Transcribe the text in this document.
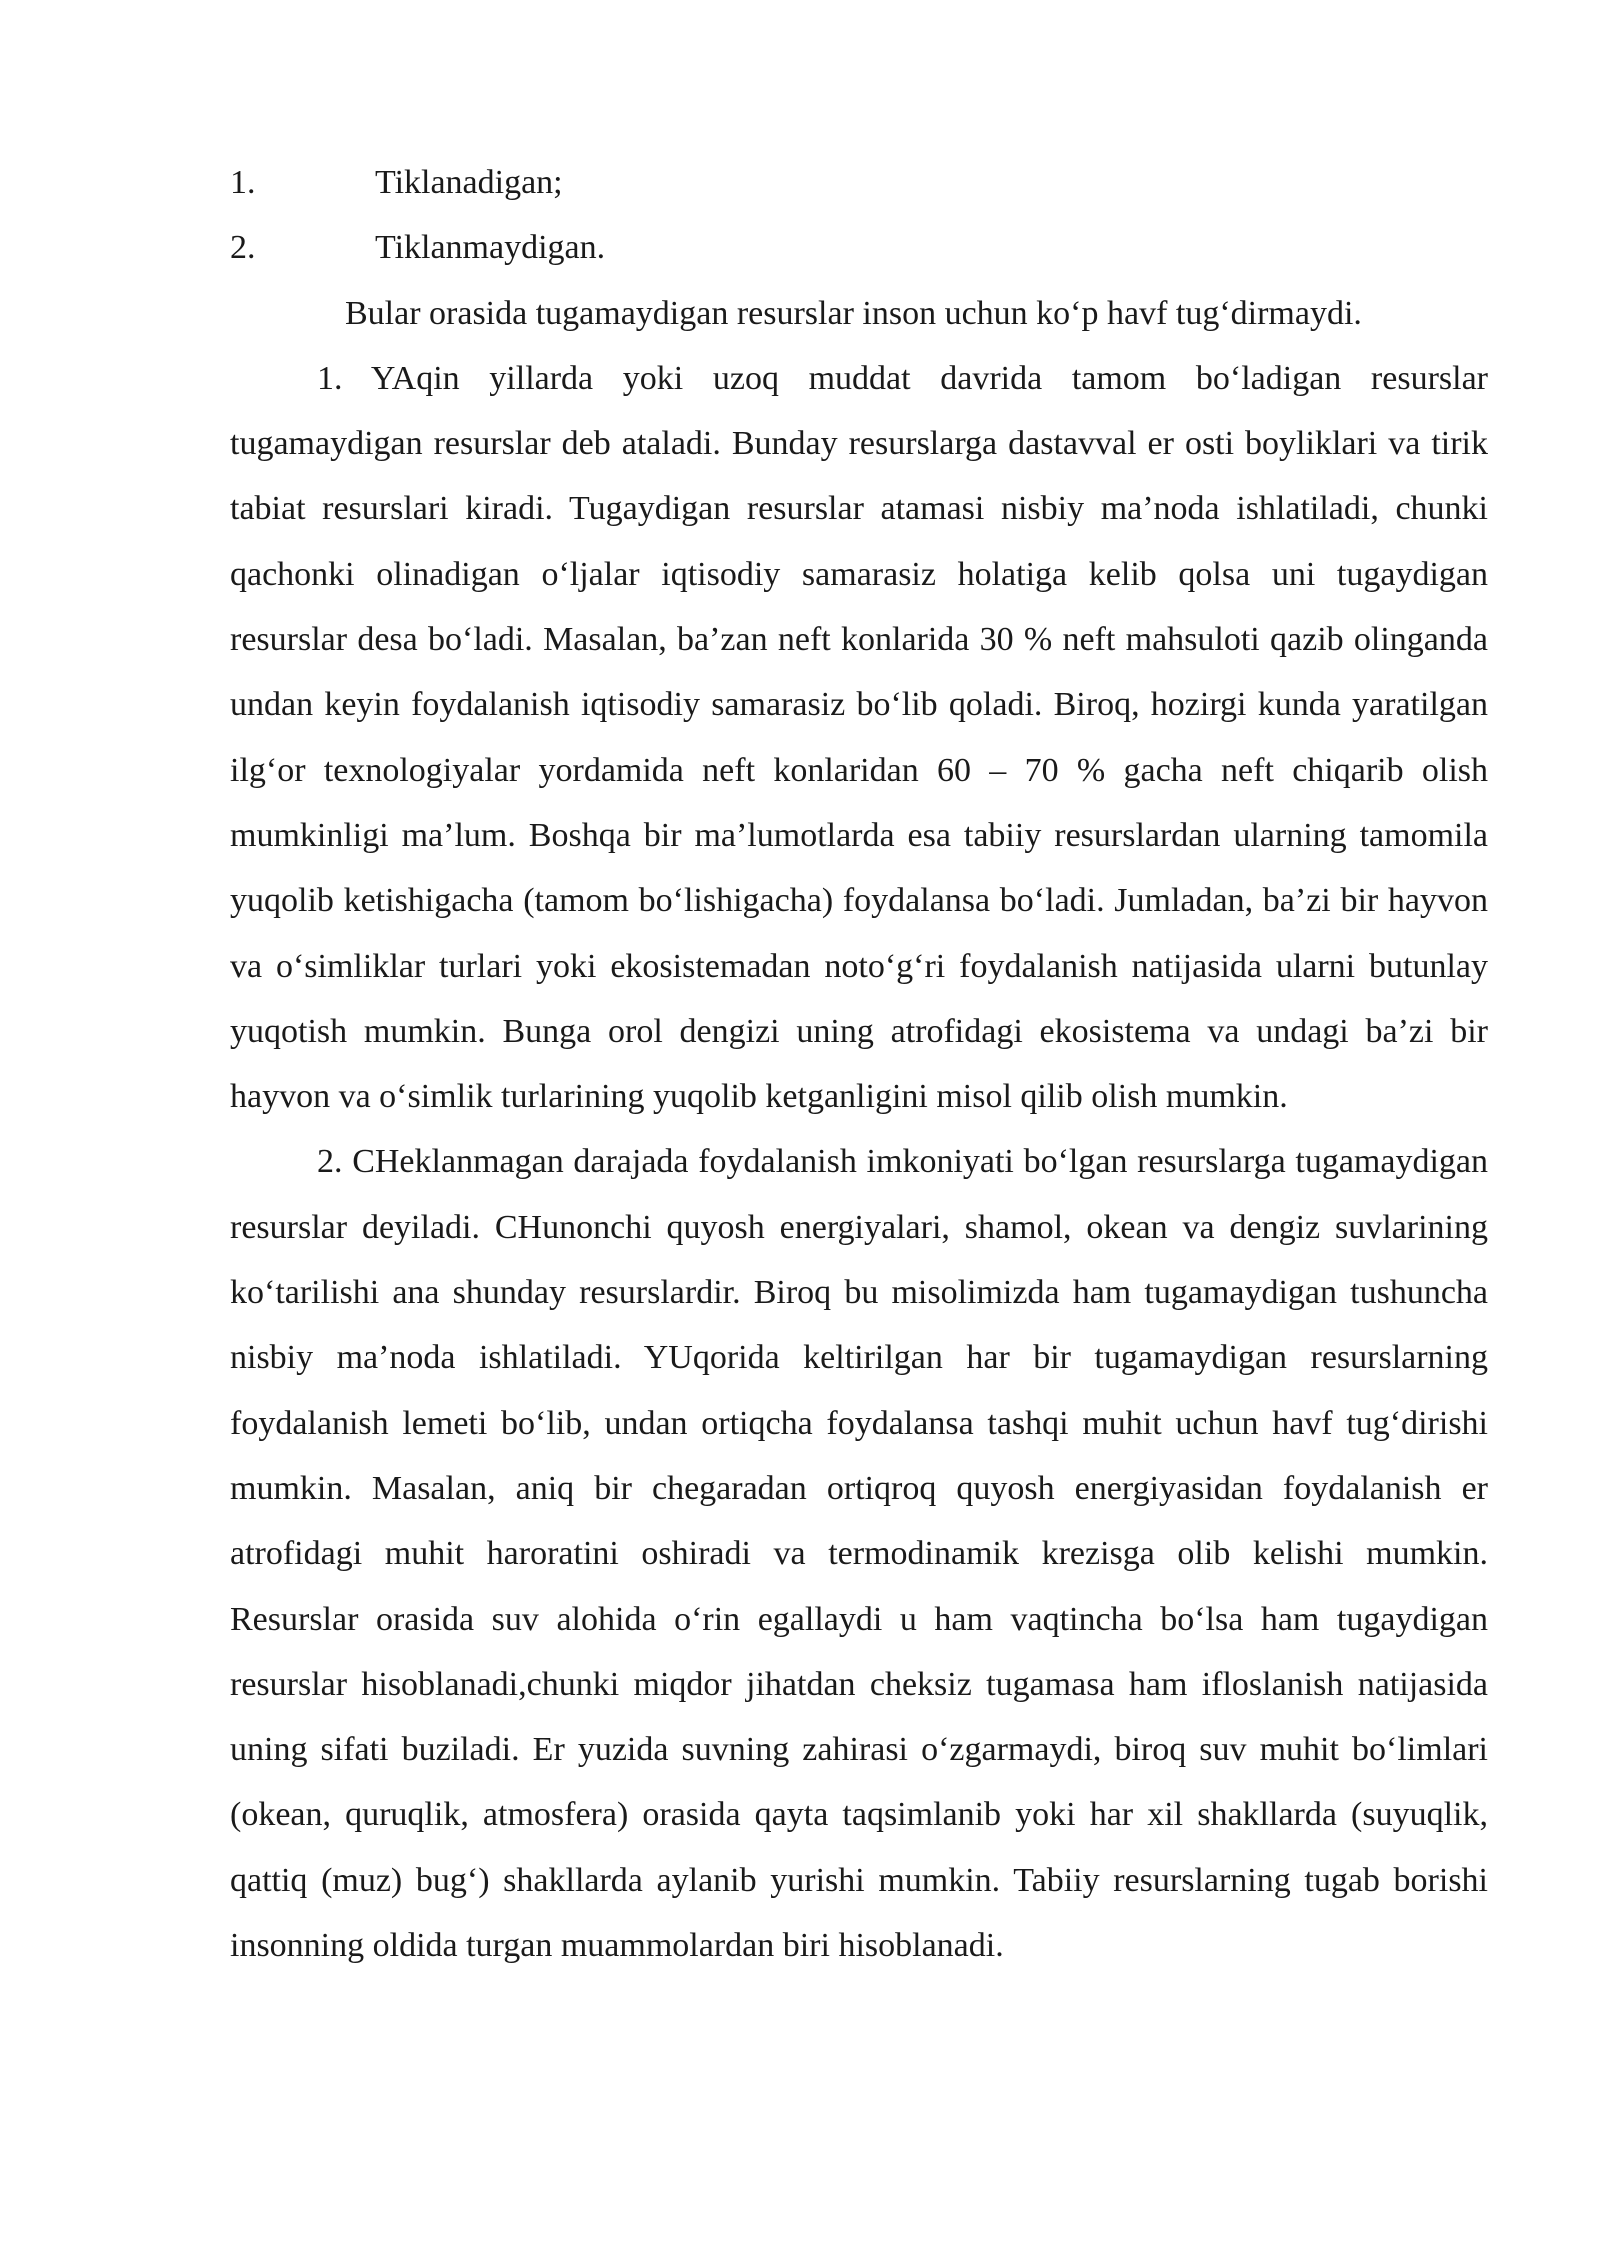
1.	Tiklanadigan;
2.	Tiklanmaydigan.

Bular orasida tugamaydigan resurslar inson uchun koʻp havf tugʻdirmaydi.

1. YAqin yillarda yoki uzoq muddat davrida tamom boʻladigan resurslar tugamaydigan resurslar deb ataladi. Bunday resurslarga dastavval er osti boyliklari va tirik tabiat resurslari kiradi. Tugaydigan resurslar atamasi nisbiy ma’noda ishlatiladi, chunki qachonki olinadigan oʻljalar iqtisodiy samarasiz holatiga kelib qolsa uni tugaydigan resurslar desa boʻladi. Masalan, ba’zan neft konlarida 30 % neft mahsuloti qazib olinganda undan keyin foydalanish iqtisodiy samarasiz boʻlib qoladi. Biroq, hozirgi kunda yaratilgan ilgʻor texnologiyalar yordamida neft konlaridan 60 – 70 % gacha neft chiqarib olish mumkinligi ma’lum. Boshqa bir ma’lumotlarda esa tabiiy resurslardan ularning tamomila yuqolib ketishigacha (tamom boʻlishigacha) foydalansa boʻladi. Jumladan, ba’zi bir hayvon va oʻsimliklar turlari yoki ekosistemadan notoʻgʻri foydalanish natijasida ularni butunlay yuqotish mumkin. Bunga orol dengizi uning atrofidagi ekosistema va undagi ba’zi bir hayvon va oʻsimlik turlarining yuqolib ketganligini misol qilib olish mumkin.

2. CHeklanmagan darajada foydalanish imkoniyati boʻlgan resurslarga tugamaydigan resurslar deyiladi. CHunonchi quyosh energiyalari, shamol, okean va dengiz suvlarining koʻtarilishi ana shunday resurslardir. Biroq bu misolimizda ham tugamaydigan tushuncha nisbiy ma’noda ishlatiladi. YUqorida keltirilgan har bir tugamaydigan resurslarning foydalanish lemeti boʻlib, undan ortiqcha foydalansa tashqi muhit uchun havf tugʻdirishi mumkin. Masalan, aniq bir chegaradan ortiqroq quyosh energiyasidan foydalanish er atrofidagi muhit haroratini oshiradi va termodinamik krezisga olib kelishi mumkin. Resurslar orasida suv alohida oʻrin egallaydi u ham vaqtincha boʻlsa ham tugaydigan resurslar hisoblanadi,chunki miqdor jihatdan cheksiz tugamasa ham ifloslanish natijasida uning sifati buziladi. Er yuzida suvning zahirasi oʻzgarmaydi, biroq suv muhit boʻlimlari (okean, quruqlik, atmosfera) orasida qayta taqsimlanib yoki har xil shakllarda (suyuqlik, qattiq (muz) bugʻ) shakllarda aylanib yurishi mumkin. Tabiiy resurslarning tugab borishi insonning oldida turgan muammolardan biri hisoblanadi.
